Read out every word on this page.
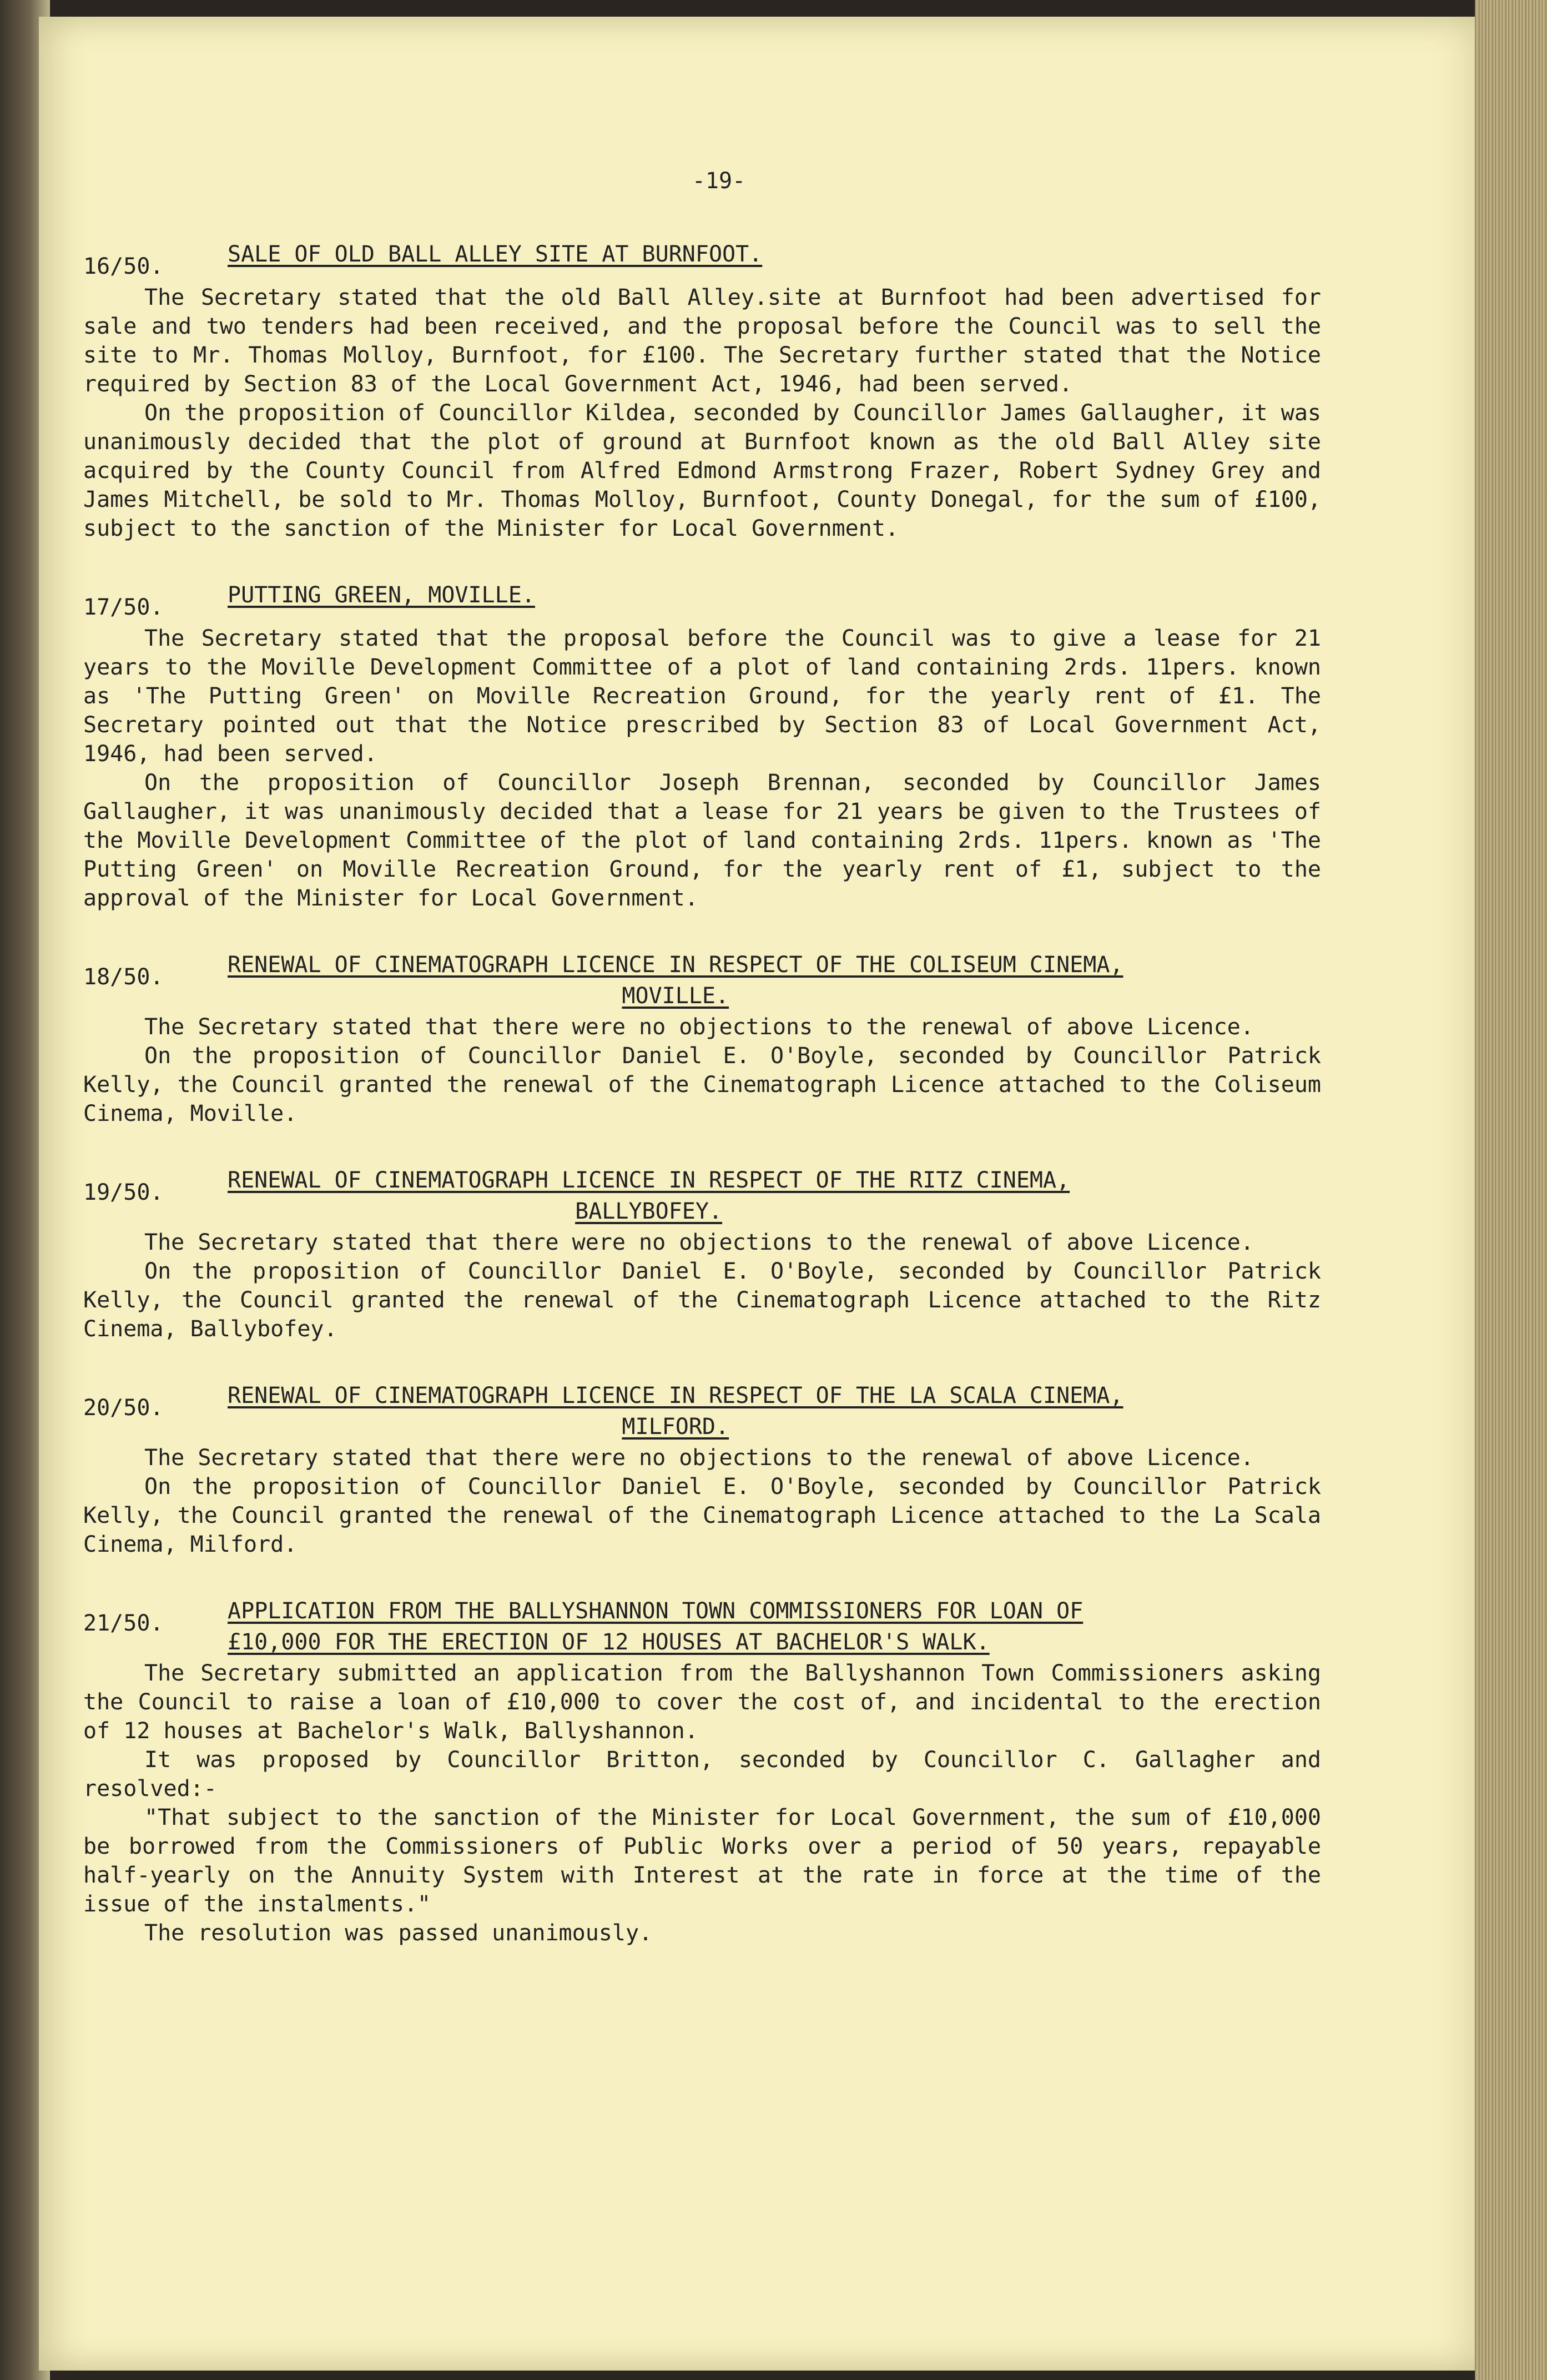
-19-
16/50.	SALE OF OLD BALL ALLEY SITE AT BURNFOOT.

The Secretary stated that the old Ball Alley.site at Burnfoot had been advertised for sale and two tenders had been received, and the proposal before the Council was to sell the site to Mr. Thomas Molloy, Burnfoot, for £100. The Secretary further stated that the Notice required by Section 83 of the Local Government Act, 1946, had been served.

On the proposition of Councillor Kildea, seconded by Councillor James Gallaugher, it was unanimously decided that the plot of ground at Burnfoot known as the old Ball Alley site acquired by the County Council from Alfred Edmond Armstrong Frazer, Robert Sydney Grey and James Mitchell, be sold to Mr. Thomas Molloy, Burnfoot, County Donegal, for the sum of £100, subject to the sanction of the Minister for Local Government.

17/50.	PUTTING GREEN, MOVILLE.

The Secretary stated that the proposal before the Council was to give a lease for 21 years to the Moville Development Committee of a plot of land containing 2rds. 11pers. known as 'The Putting Green' on Moville Recreation Ground, for the yearly rent of £1. The Secretary pointed out that the Notice prescribed by Section 83 of Local Government Act, 1946, had been served.

On the proposition of Councillor Joseph Brennan, seconded by Councillor James Gallaugher, it was unanimously decided that a lease for 21 years be given to the Trustees of the Moville Development Committee of the plot of land containing 2rds. 11pers. known as 'The Putting Green' on Moville Recreation Ground, for the yearly rent of £1, subject to the approval of the Minister for Local Government.

18/50.	RENEWAL OF CINEMATOGRAPH LICENCE IN RESPECT OF THE COLISEUM CINEMA,
MOVILLE.

The Secretary stated that there were no objections to the renewal of above Licence.

On the proposition of Councillor Daniel E. O'Boyle, seconded by Councillor Patrick Kelly, the Council granted the renewal of the Cinematograph Licence attached to the Coliseum Cinema, Moville.

19/50.	RENEWAL OF CINEMATOGRAPH LICENCE IN RESPECT OF THE RITZ CINEMA,
BALLYBOFEY.

The Secretary stated that there were no objections to the renewal of above Licence.

On the proposition of Councillor Daniel E. O'Boyle, seconded by Councillor Patrick Kelly, the Council granted the renewal of the Cinematograph Licence attached to the Ritz Cinema, Ballybofey.

20/50.	RENEWAL OF CINEMATOGRAPH LICENCE IN RESPECT OF THE LA SCALA CINEMA,
MILFORD.

The Secretary stated that there were no objections to the renewal of above Licence.

On the proposition of Councillor Daniel E. O'Boyle, seconded by Councillor Patrick Kelly, the Council granted the renewal of the Cinematograph Licence attached to the La Scala Cinema, Milford.

21/50.	APPLICATION FROM THE BALLYSHANNON TOWN COMMISSIONERS FOR LOAN OF
£10,000 FOR THE ERECTION OF 12 HOUSES AT BACHELOR'S WALK.

The Secretary submitted an application from the Ballyshannon Town Commissioners asking the Council to raise a loan of £10,000 to cover the cost of, and incidental to the erection of 12 houses at Bachelor's Walk, Ballyshannon.

It was proposed by Councillor Britton, seconded by Councillor C. Gallagher and resolved:-

"That subject to the sanction of the Minister for Local Government, the sum of £10,000 be borrowed from the Commissioners of Public Works over a period of 50 years, repayable half-yearly on the Annuity System with Interest at the rate in force at the time of the issue of the instalments."

The resolution was passed unanimously.
